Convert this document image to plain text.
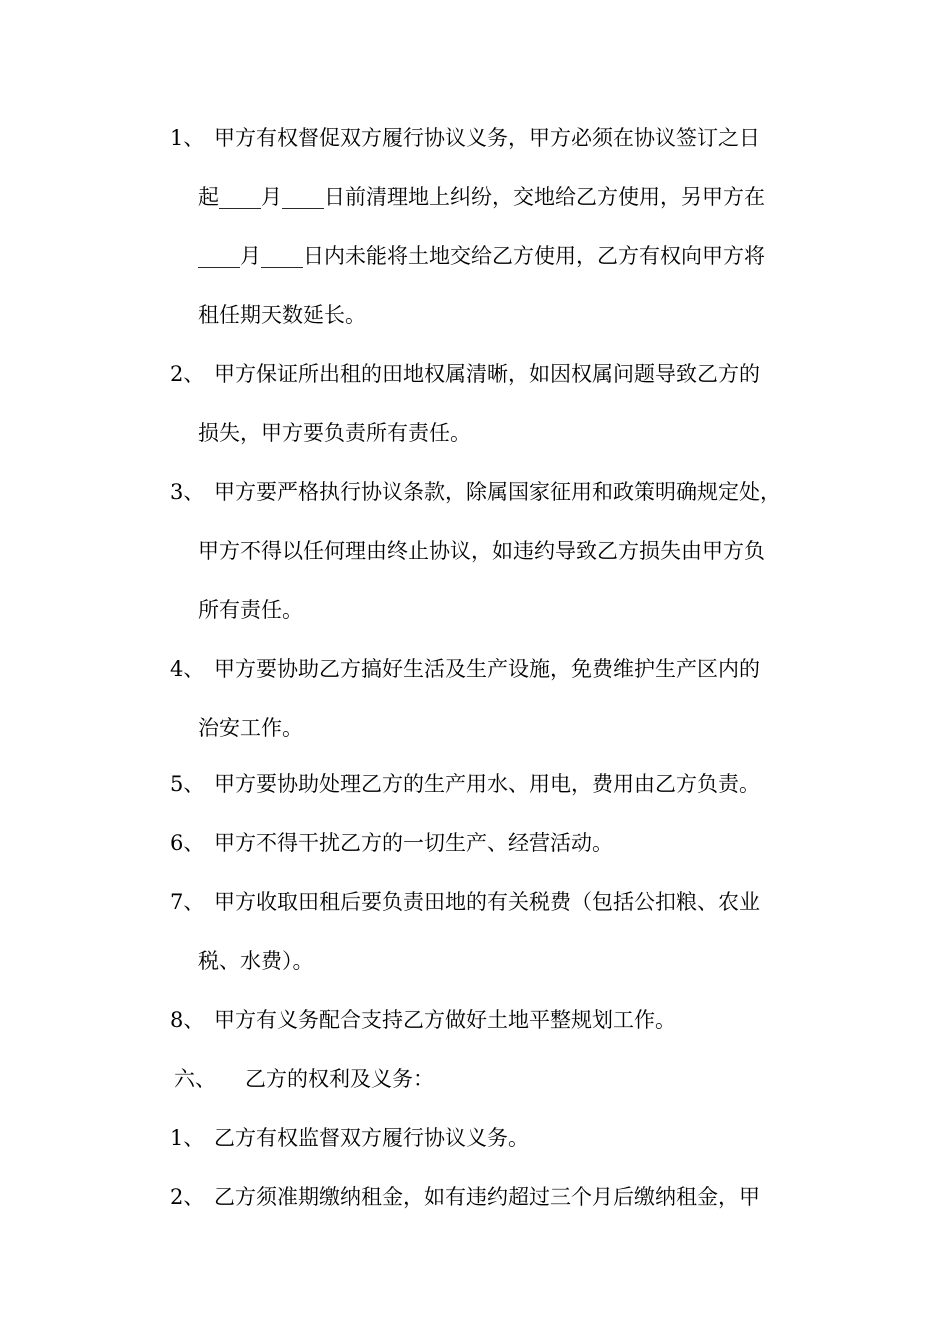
1、 甲方有权督促双方履行协议义务，甲方必须在协议签订之日
起____月____日前清理地上纠纷，交地给乙方使用，另甲方在
____月____日内未能将土地交给乙方使用，乙方有权向甲方将
租任期天数延长。
2、 甲方保证所出租的田地权属清晰，如因权属问题导致乙方的
损失，甲方要负责所有责任。
3、 甲方要严格执行协议条款，除属国家征用和政策明确规定处，
甲方不得以任何理由终止协议，如违约导致乙方损失由甲方负
所有责任。
4、 甲方要协助乙方搞好生活及生产设施，免费维护生产区内的
治安工作。
5、 甲方要协助处理乙方的生产用水、用电，费用由乙方负责。
6、 甲方不得干扰乙方的一切生产、经营活动。
7、 甲方收取田租后要负责田地的有关税费（包括公扣粮、农业
税、水费）。
8、 甲方有义务配合支持乙方做好土地平整规划工作。
六、 乙方的权利及义务：
1、 乙方有权监督双方履行协议义务。
2、 乙方须准期缴纳租金，如有违约超过三个月后缴纳租金，甲
